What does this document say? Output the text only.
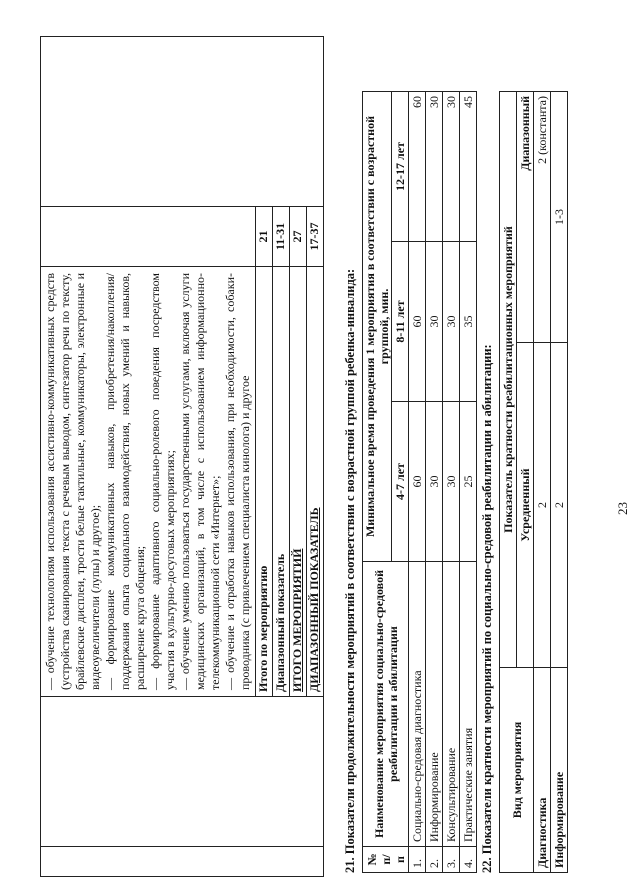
23

		— обучение технологиям использования ассистивно-коммуникативных средств (устройства сканирования текста с речевым выводом, синтезатор речи по тексту, брайлевские дисплеи, трости белые тактильные, коммуникаторы, электронные и видеоувеличители (лупы) и другое); — формирование коммуникативных навыков, приобретения/накопления/поддержания опыта социального взаимодействия, новых умений и навыков, расширение круга общения; — формирование адаптивного социально-ролевого поведения посредством участия в культурно-досуговых мероприятиях; — обучение умению пользоваться государственными услугами, включая услуги медицинских организаций, в том числе с использованием информационно-телекоммуникационной сети «Интернет»; — обучение и отработка навыков использования, при необходимости, собаки-проводника (с привлечением специалиста кинолога) и другое		

		Итого по мероприятию	21	
		Диапазонный показатель	11-31	
		ИТОГО МЕРОПРИЯТИЙ	27	
		ДИАПАЗОННЫЙ ПОКАЗАТЕЛЬ	17-37	
21. Показатели продолжительности мероприятий в соответствии с возрастной группой ребенка-инвалида: № п/п	Наименование мероприятия социально-средовой реабилитации и абилитации	Минимальное время проведения 1 мероприятия в соответствии с возрастной группой, мин.		
		4-7 лет	8-11 лет	12-17 лет
1.	Социально-средовая диагностика	60	60	60
2.	Информирование	30	30	30
3.	Консультирование	30	30	30
4.	Практические занятия	25	35	45
22. Показатели кратности мероприятий по социально-средовой реабилитации и абилитации: Вид мероприятия	Показатель кратности реабилитационных мероприятий	
	Усредненный	Диапазонный
Диагностика	2	2 (константа)
Информирование	2	1-3
